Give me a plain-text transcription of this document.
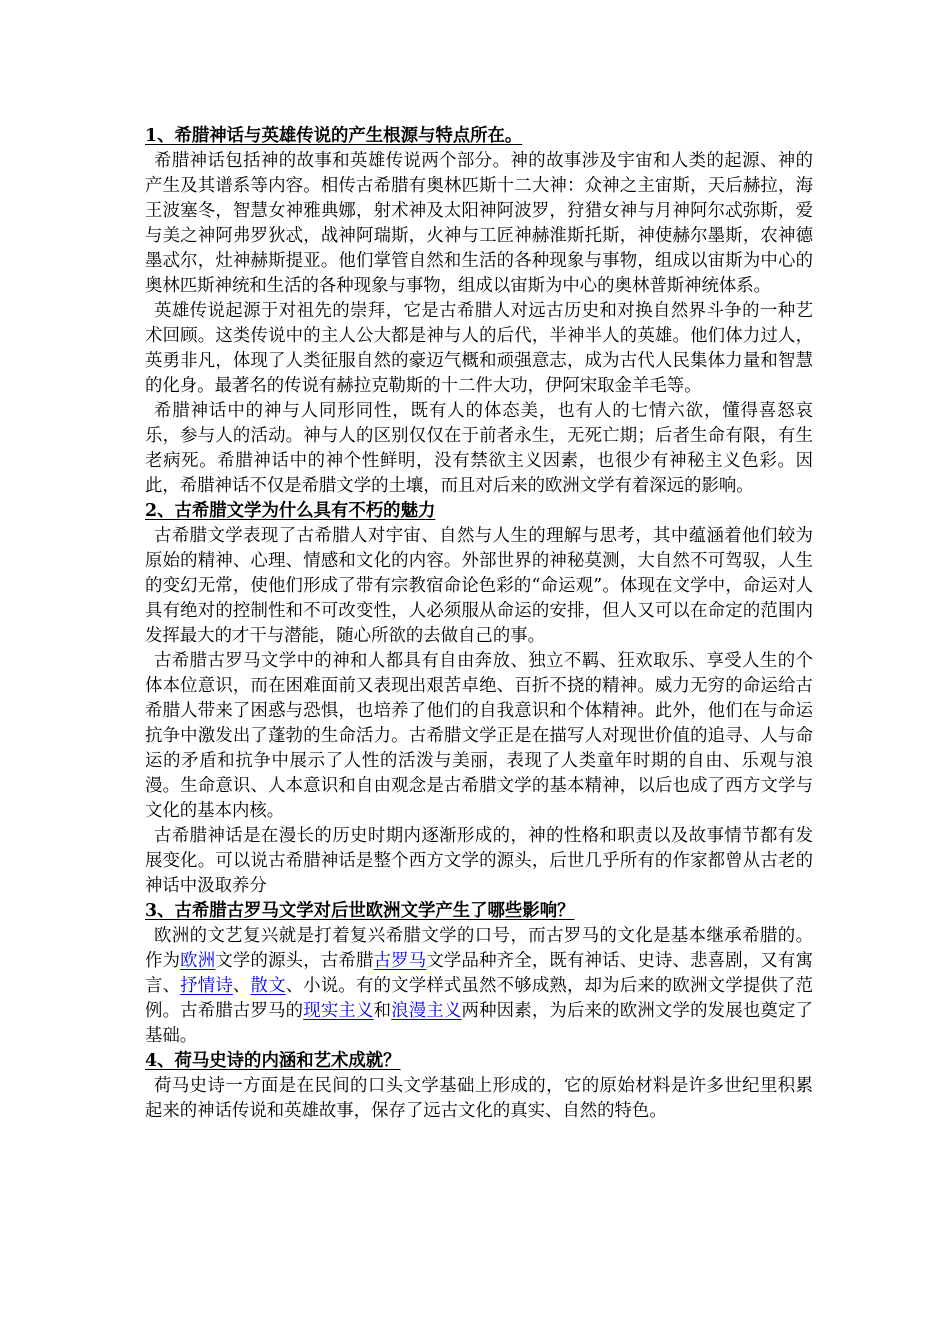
1、希腊神话与英雄传说的产生根源与特点所在。

希腊神话包括神的故事和英雄传说两个部分。神的故事涉及宇宙和人类的起源、神的产生及其谱系等内容。相传古希腊有奥林匹斯十二大神：众神之主宙斯，天后赫拉，海王波塞冬，智慧女神雅典娜，射术神及太阳神阿波罗，狩猎女神与月神阿尔忒弥斯，爱与美之神阿弗罗狄忒，战神阿瑞斯，火神与工匠神赫淮斯托斯，神使赫尔墨斯，农神德墨忒尔，灶神赫斯提亚。他们掌管自然和生活的各种现象与事物，组成以宙斯为中心的奥林匹斯神统和生活的各种现象与事物，组成以宙斯为中心的奥林普斯神统体系。

英雄传说起源于对祖先的崇拜，它是古希腊人对远古历史和对换自然界斗争的一种艺术回顾。这类传说中的主人公大都是神与人的后代，半神半人的英雄。他们体力过人，英勇非凡，体现了人类征服自然的豪迈气概和顽强意志，成为古代人民集体力量和智慧的化身。最著名的传说有赫拉克勒斯的十二件大功，伊阿宋取金羊毛等。

希腊神话中的神与人同形同性，既有人的体态美，也有人的七情六欲，懂得喜怒哀乐，参与人的活动。神与人的区别仅仅在于前者永生，无死亡期；后者生命有限，有生老病死。希腊神话中的神个性鲜明，没有禁欲主义因素，也很少有神秘主义色彩。因此，希腊神话不仅是希腊文学的土壤，而且对后来的欧洲文学有着深远的影响。

2、古希腊文学为什么具有不朽的魅力

古希腊文学表现了古希腊人对宇宙、自然与人生的理解与思考，其中蕴涵着他们较为原始的精神、心理、情感和文化的内容。外部世界的神秘莫测，大自然不可驾驭，人生的变幻无常，使他们形成了带有宗教宿命论色彩的“命运观”。体现在文学中，命运对人具有绝对的控制性和不可改变性，人必须服从命运的安排，但人又可以在命定的范围内发挥最大的才干与潜能，随心所欲的去做自己的事。

古希腊古罗马文学中的神和人都具有自由奔放、独立不羁、狂欢取乐、享受人生的个体本位意识，而在困难面前又表现出艰苦卓绝、百折不挠的精神。威力无穷的命运给古希腊人带来了困惑与恐惧，也培养了他们的自我意识和个体精神。此外，他们在与命运抗争中激发出了蓬勃的生命活力。古希腊文学正是在描写人对现世价值的追寻、人与命运的矛盾和抗争中展示了人性的活泼与美丽，表现了人类童年时期的自由、乐观与浪漫。生命意识、人本意识和自由观念是古希腊文学的基本精神，以后也成了西方文学与文化的基本内核。

古希腊神话是在漫长的历史时期内逐渐形成的，神的性格和职责以及故事情节都有发展变化。可以说古希腊神话是整个西方文学的源头，后世几乎所有的作家都曾从古老的神话中汲取养分

3、古希腊古罗马文学对后世欧洲文学产生了哪些影响？

欧洲的文艺复兴就是打着复兴希腊文学的口号，而古罗马的文化是基本继承希腊的。作为欧洲文学的源头，古希腊古罗马文学品种齐全，既有神话、史诗、悲喜剧，又有寓言、抒情诗、散文、小说。有的文学样式虽然不够成熟，却为后来的欧洲文学提供了范例。古希腊古罗马的现实主义和浪漫主义两种因素，为后来的欧洲文学的发展也奠定了基础。

4、荷马史诗的内涵和艺术成就？

荷马史诗一方面是在民间的口头文学基础上形成的，它的原始材料是许多世纪里积累起来的神话传说和英雄故事，保存了远古文化的真实、自然的特色。
